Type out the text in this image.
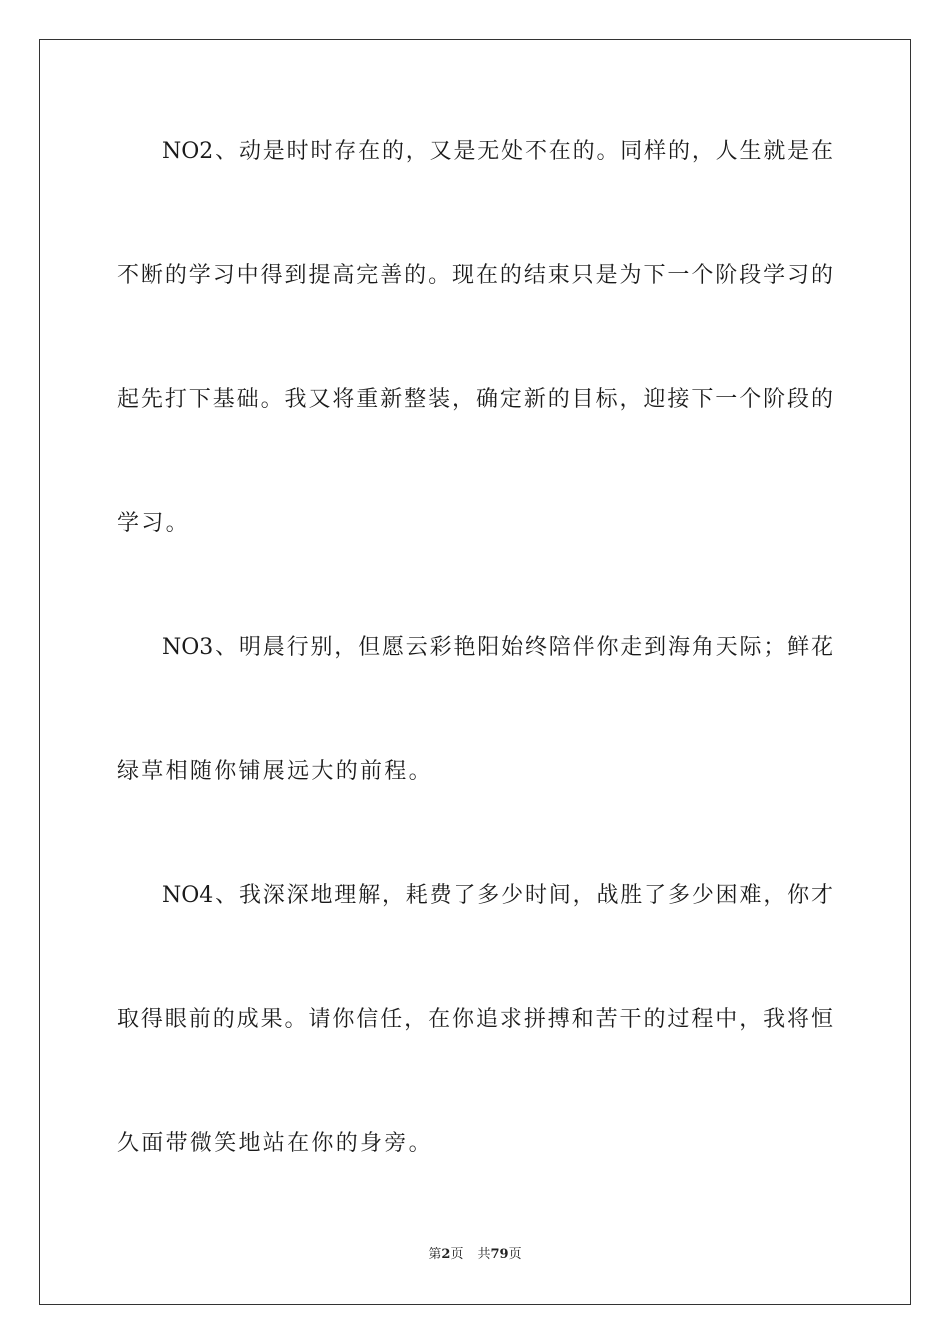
NO2、动是时时存在的，又是无处不在的。同样的，人生就是在
不断的学习中得到提高完善的。现在的结束只是为下一个阶段学习的
起先打下基础。我又将重新整装，确定新的目标，迎接下一个阶段的
学习。
NO3、明晨行别，但愿云彩艳阳始终陪伴你走到海角天际；鲜花
绿草相随你铺展远大的前程。
NO4、我深深地理解，耗费了多少时间，战胜了多少困难，你才
取得眼前的成果。请你信任，在你追求拼搏和苦干的过程中，我将恒
久面带微笑地站在你的身旁。
第2页 共79页
